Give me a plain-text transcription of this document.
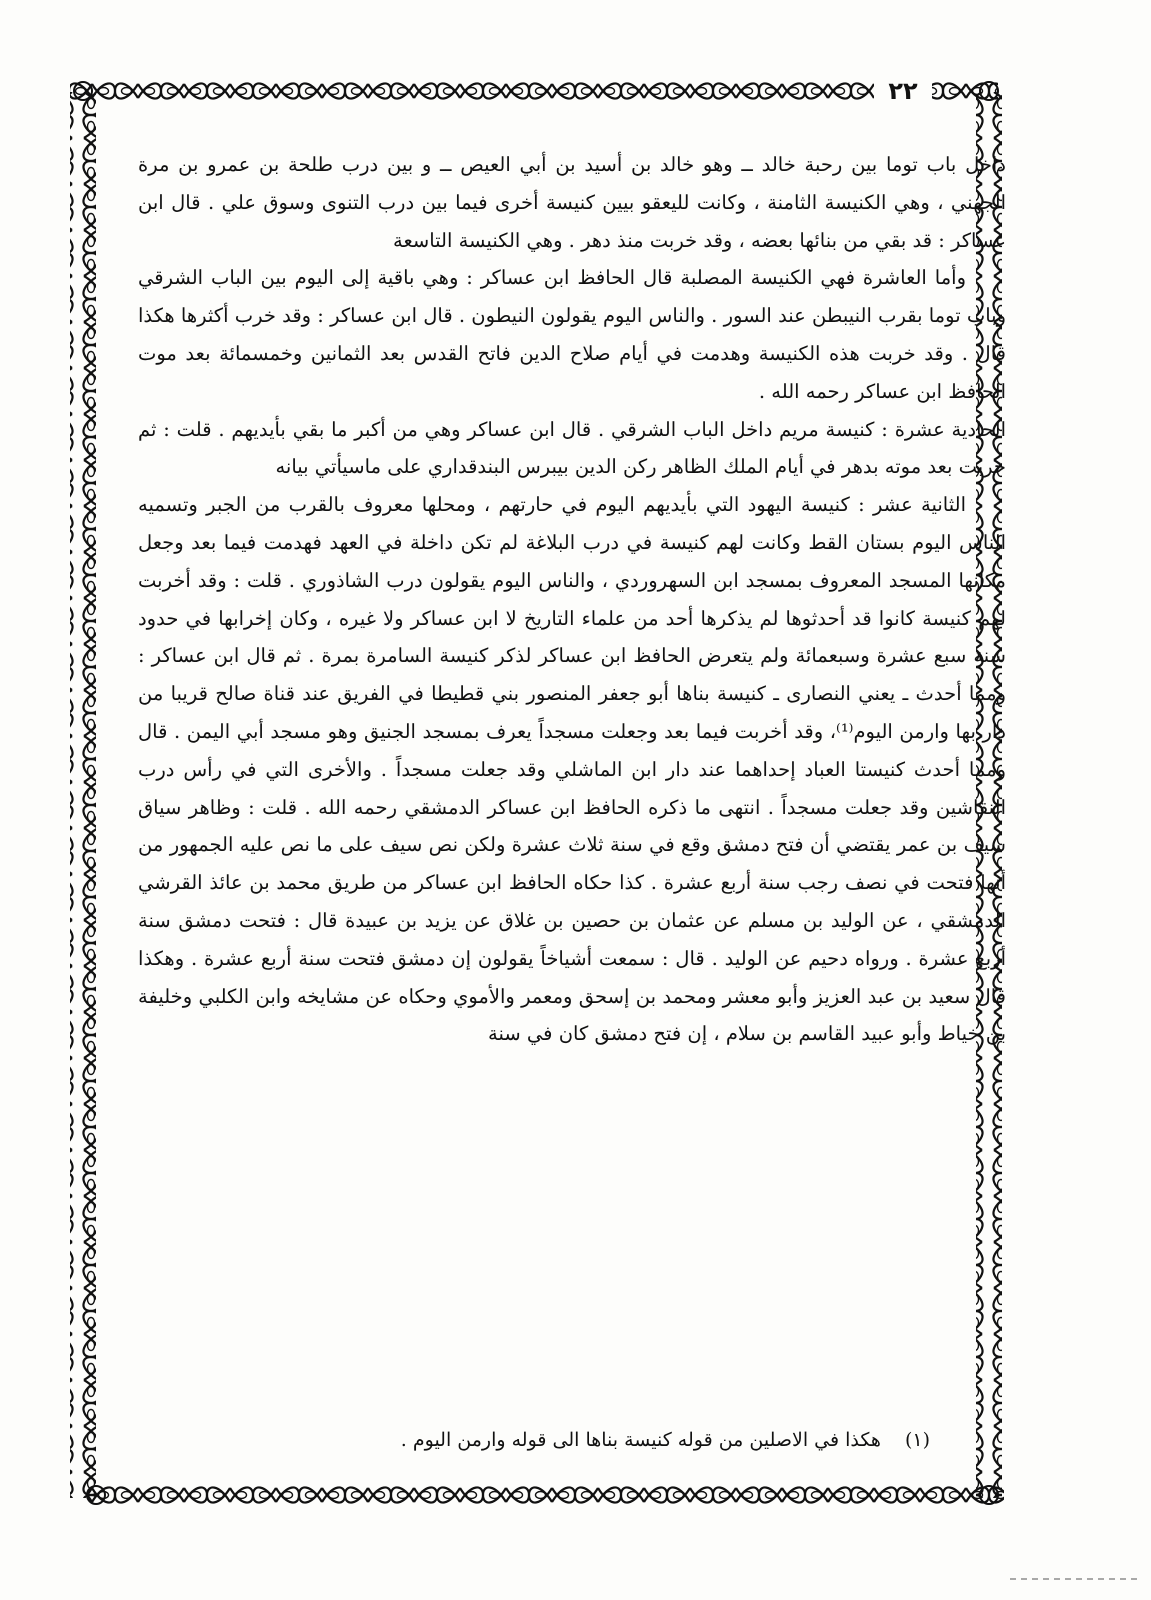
٢٢

داخل باب توما بين رحبة خالد ــ وهو خالد بن أسيد بن أبي العيص ــ و بين درب طلحة بن عمرو بن مرة الجهني ، وهي الكنيسة الثامنة ، وكانت لليعقو بيين كنيسة أخرى فيما بين درب التنوى وسوق علي . قال ابن عساكر : قد بقي من بنائها بعضه ، وقد خربت منذ دهر . وهي الكنيسة التاسعة

وأما العاشرة فهي الكنيسة المصلبة قال الحافظ ابن عساكر : وهي باقية إلى اليوم بين الباب الشرقي وباب توما بقرب النيبطن عند السور . والناس اليوم يقولون النيطون . قال ابن عساكر : وقد خرب أكثرها هكذا قال . وقد خربت هذه الكنيسة وهدمت في أيام صلاح الدين فاتح القدس بعد الثمانين وخمسمائة بعد موت الحافظ ابن عساكر رحمه الله .

الحادية عشرة : كنيسة مريم داخل الباب الشرقي . قال ابن عساكر وهي من أكبر ما بقي بأيديهم . قلت : ثم خربت بعد موته بدهر في أيام الملك الظاهر ركن الدين بيبرس البندقداري على ماسيأتي بيانه

الثانية عشر : كنيسة اليهود التي بأيديهم اليوم في حارتهم ، ومحلها معروف بالقرب من الجبر وتسميه الناس اليوم بستان القط وكانت لهم كنيسة في درب البلاغة لم تكن داخلة في العهد فهدمت فيما بعد وجعل مكانها المسجد المعروف بمسجد ابن السهروردي ، والناس اليوم يقولون درب الشاذوري . قلت : وقد أخربت لهم كنيسة كانوا قد أحدثوها لم يذكرها أحد من علماء التاريخ لا ابن عساكر ولا غيره ، وكان إخرابها في حدود سنة سبع عشرة وسبعمائة ولم يتعرض الحافظ ابن عساكر لذكر كنيسة السامرة بمرة . ثم قال ابن عساكر : ومما أحدث ـ يعني النصارى ـ كنيسة بناها أبو جعفر المنصور بني قطيطا في الفريق عند قناة صالح قريبا من دار بها وارمن اليوم⁽¹⁾، وقد أخربت فيما بعد وجعلت مسجداً يعرف بمسجد الجنيق وهو مسجد أبي اليمن . قال ومما أحدث كنيستا العباد إحداهما عند دار ابن الماشلي وقد جعلت مسجداً . والأخرى التي في رأس درب النقاشين وقد جعلت مسجداً . انتهى ما ذكره الحافظ ابن عساكر الدمشقي رحمه الله . قلت : وظاهر سياق سيف بن عمر يقتضي أن فتح دمشق وقع في سنة ثلاث عشرة ولكن نص سيف على ما نص عليه الجمهور من أنها فتحت في نصف رجب سنة أربع عشرة . كذا حكاه الحافظ ابن عساكر من طريق محمد بن عائذ القرشي الدمشقي ، عن الوليد بن مسلم عن عثمان بن حصين بن غلاق عن يزيد بن عبيدة قال : فتحت دمشق سنة أربع عشرة . ورواه دحيم عن الوليد . قال : سمعت أشياخاً يقولون إن دمشق فتحت سنة أربع عشرة . وهكذا قال سعيد بن عبد العزيز وأبو معشر ومحمد بن إسحق ومعمر والأموي وحكاه عن مشايخه وابن الكلبي وخليفة بن خياط وأبو عبيد القاسم بن سلام ، إن فتح دمشق كان في سنة

(١) هكذا في الاصلين من قوله كنيسة بناها الى قوله وارمن اليوم .
